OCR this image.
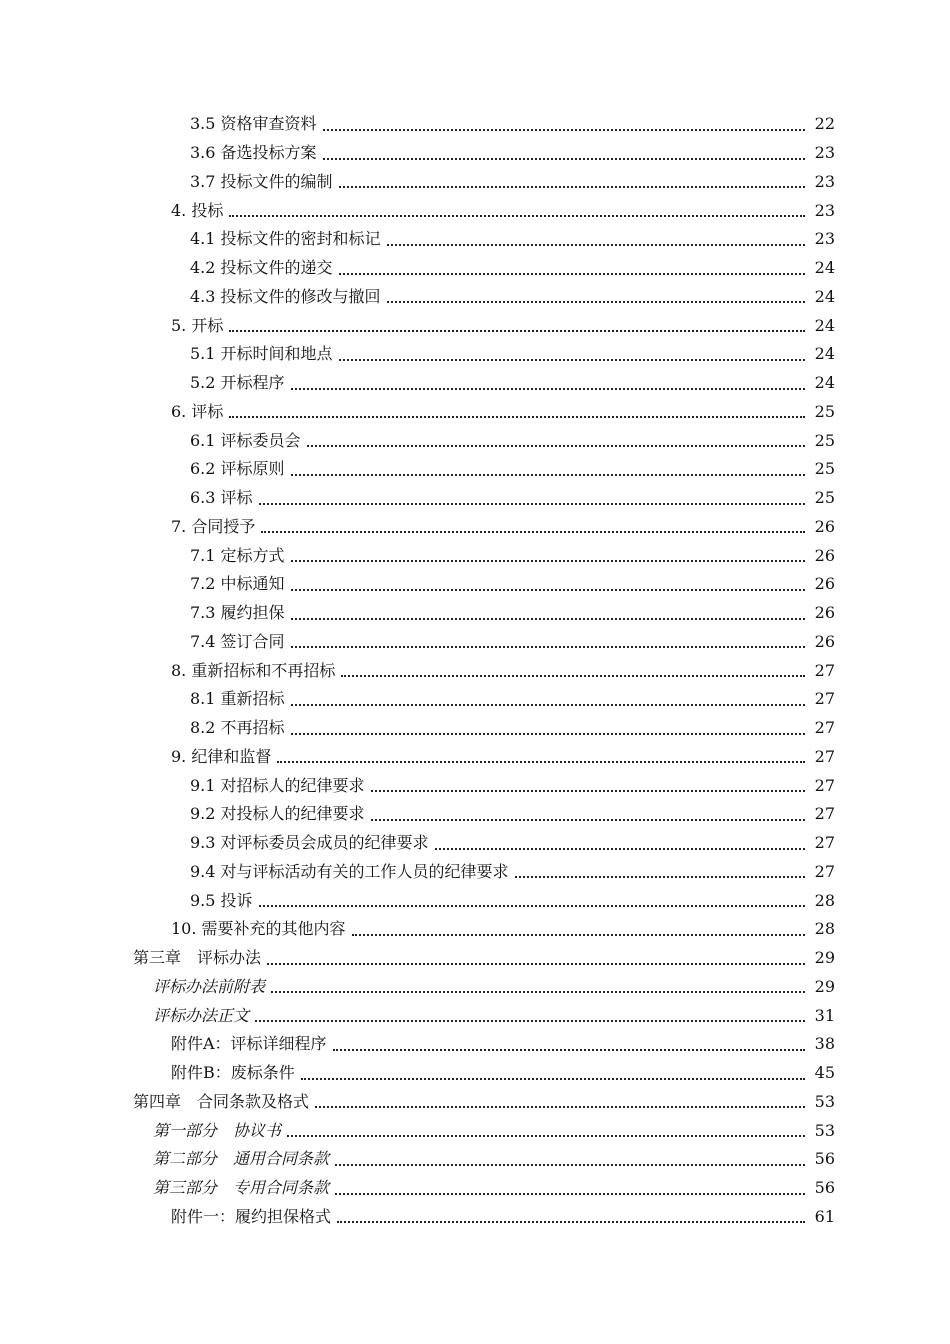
3.5 资格审查资料	22
3.6 备选投标方案	23
3.7 投标文件的编制	23
4. 投标	23
4.1 投标文件的密封和标记	23
4.2 投标文件的递交	24
4.3 投标文件的修改与撤回	24
5. 开标	24
5.1 开标时间和地点	24
5.2 开标程序	24
6. 评标	25
6.1 评标委员会	25
6.2 评标原则	25
6.3 评标	25
7. 合同授予	26
7.1 定标方式	26
7.2 中标通知	26
7.3 履约担保	26
7.4 签订合同	26
8. 重新招标和不再招标	27
8.1 重新招标	27
8.2 不再招标	27
9. 纪律和监督	27
9.1 对招标人的纪律要求	27
9.2 对投标人的纪律要求	27
9.3 对评标委员会成员的纪律要求	27
9.4 对与评标活动有关的工作人员的纪律要求	27
9.5 投诉	28
10. 需要补充的其他内容	28
第三章　评标办法	29
评标办法前附表	29
评标办法正文	31
附件A：评标详细程序	38
附件B：废标条件	45
第四章　合同条款及格式	53
第一部分　协议书	53
第二部分　通用合同条款	56
第三部分　专用合同条款	56
附件一：履约担保格式	61
